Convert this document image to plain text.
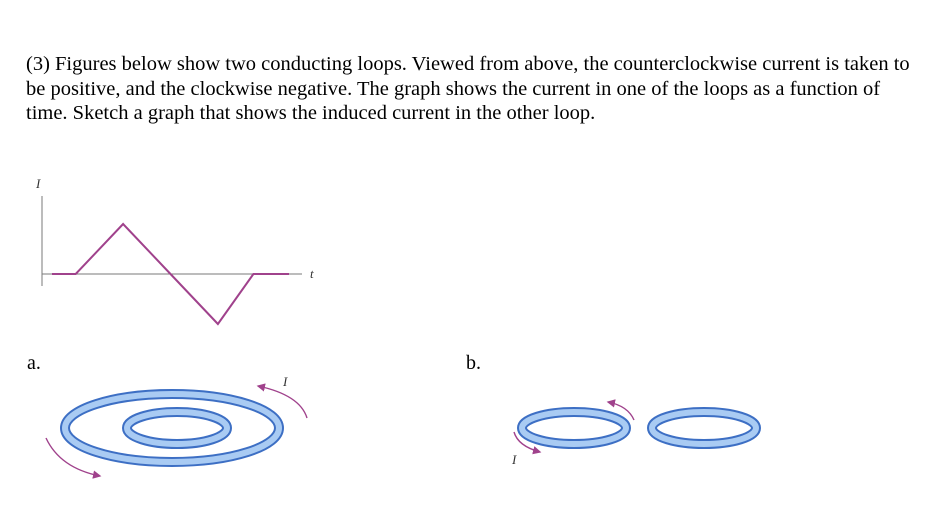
(3) Figures below show two conducting loops. Viewed from above, the counterclockwise current is taken to be positive, and the clockwise negative. The graph shows the current in one of the loops as a function of time. Sketch a graph that shows the induced current in the other loop.
I
t
a.	b.
I
I
